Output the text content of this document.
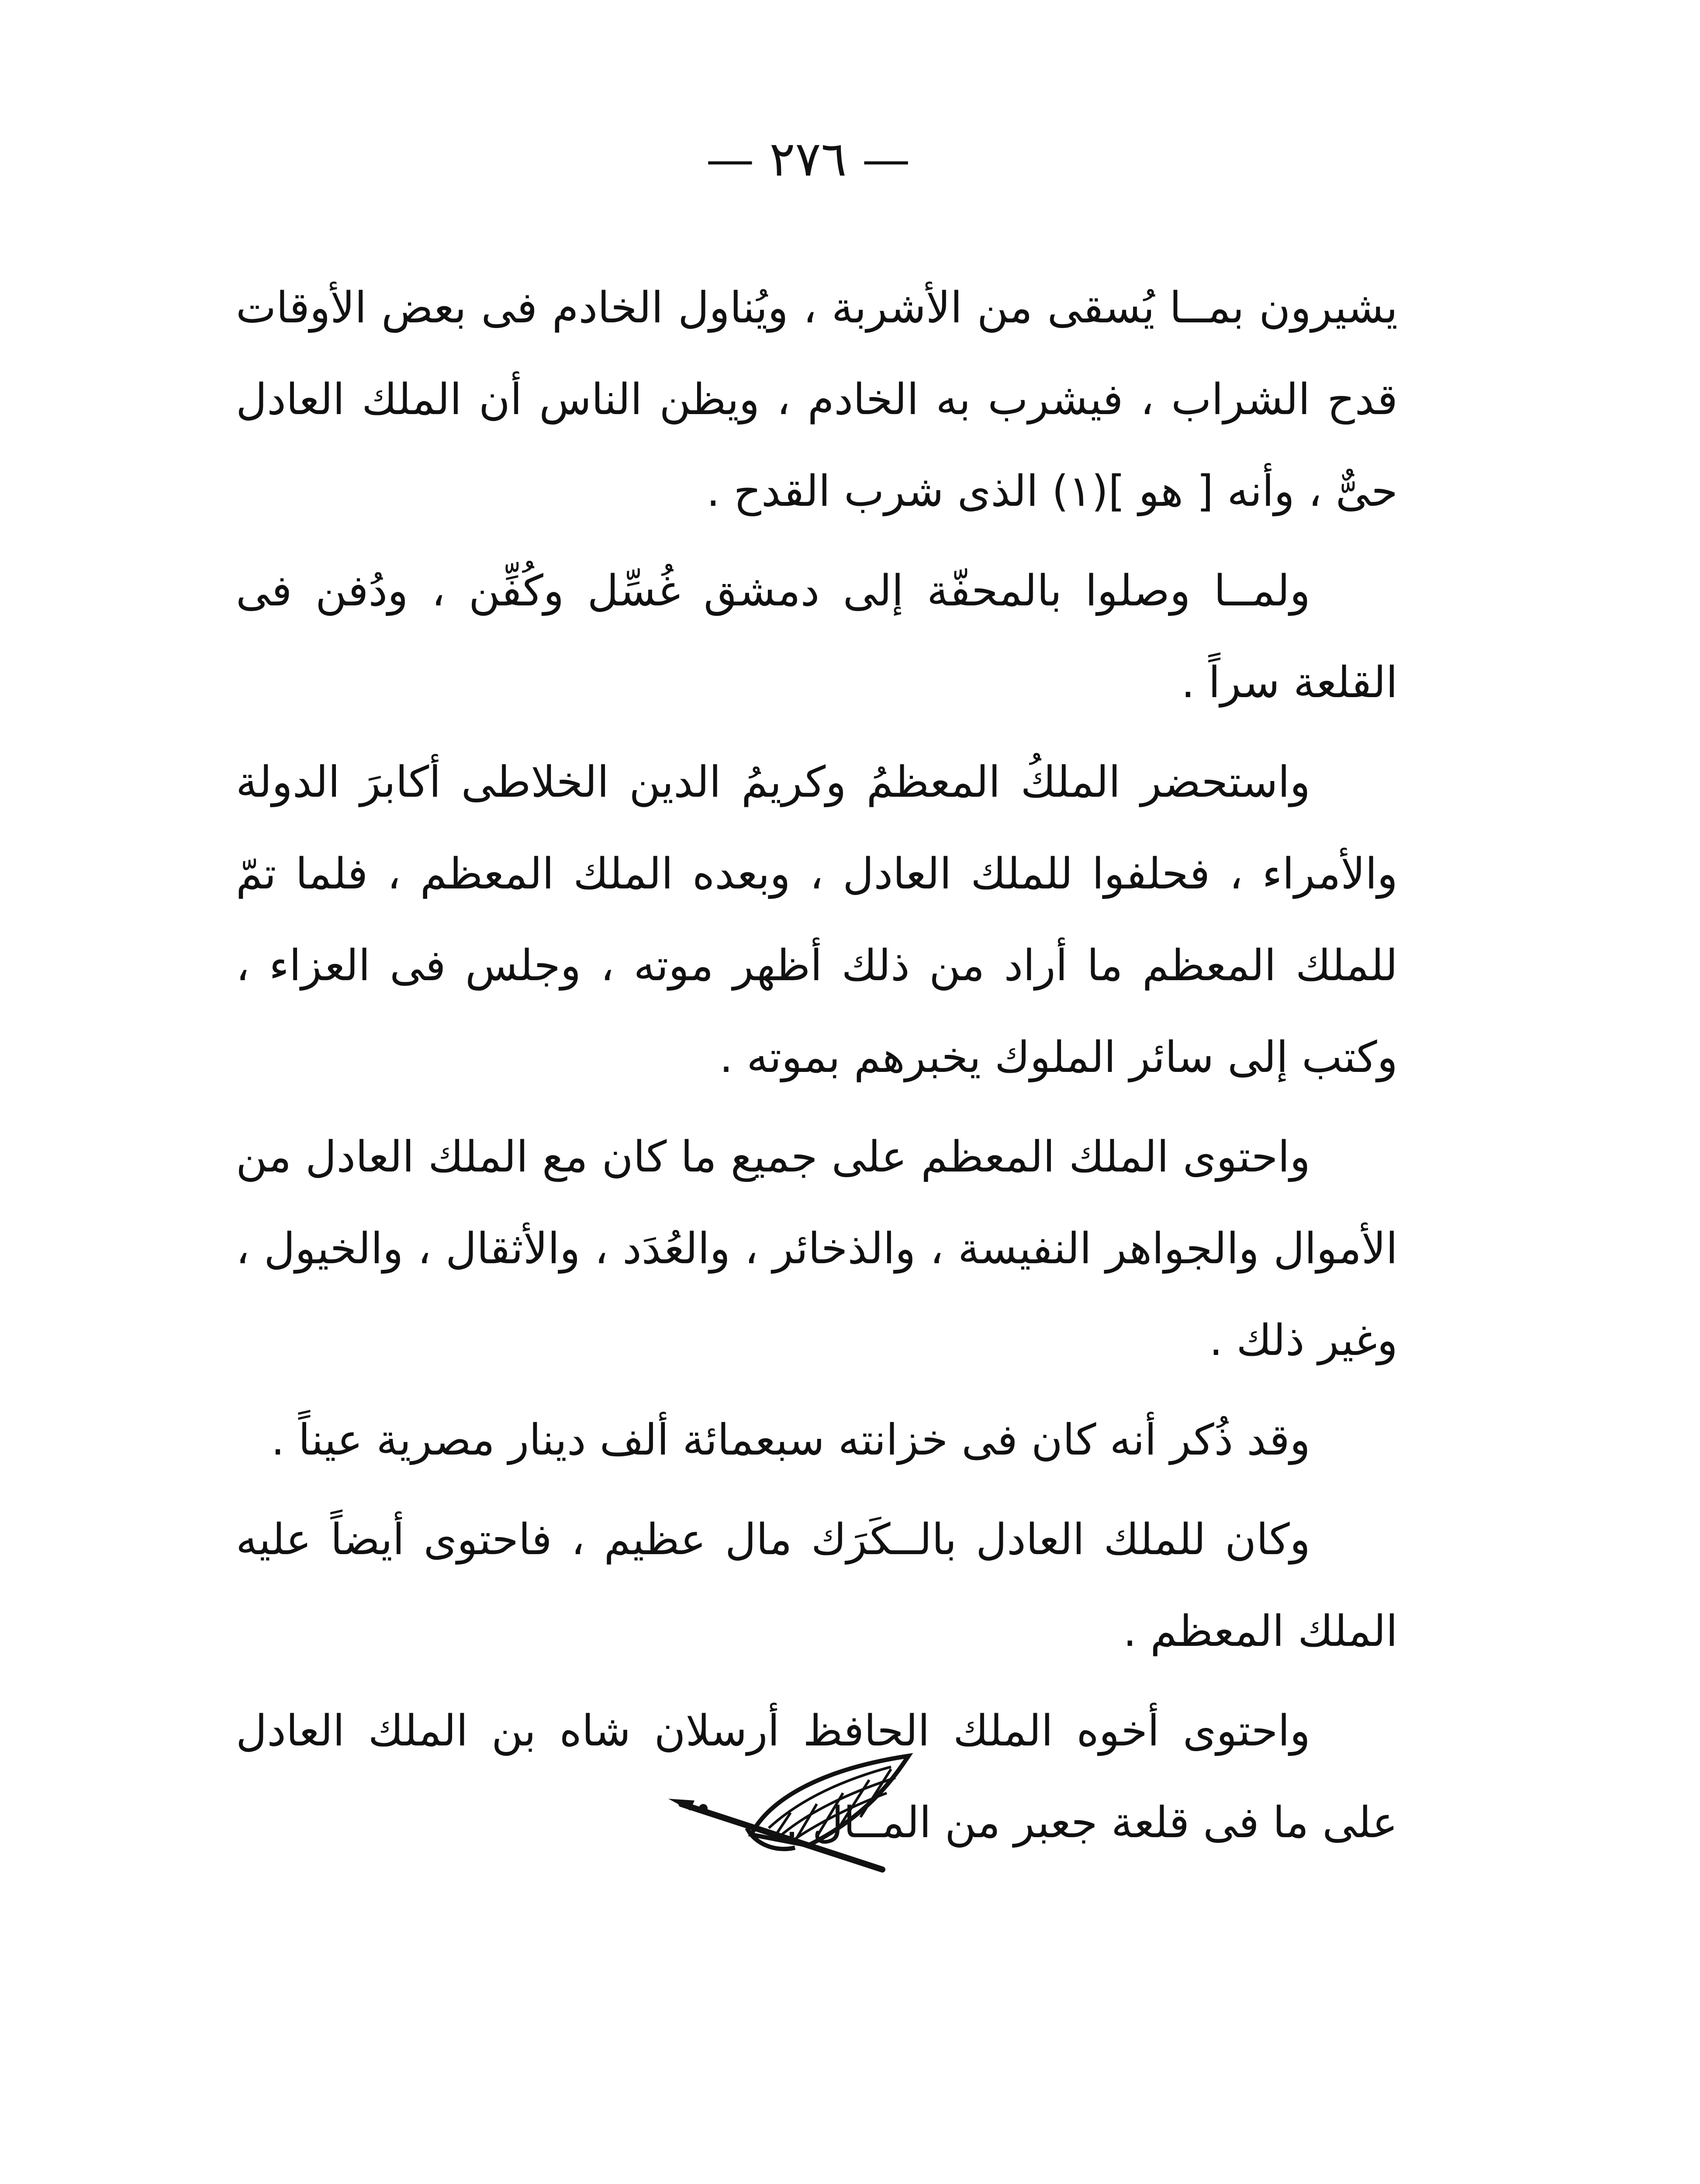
— ٢٧٦ —

يشيرون بمــا يُسقى من الأشربة ، ويُناول الخادم فى بعض الأوقات قدح الشراب ، فيشرب به الخادم ، ويظن الناس أن الملك العادل حىٌّ ، وأنه [ هو ](١) الذى شرب القدح .

ولمــا وصلوا بالمحفّة إلى دمشق غُسِّل وكُفِّن ، ودُفن فى القلعة سراً .

واستحضر الملكُ المعظمُ وكريمُ الدين الخلاطى أكابرَ الدولة والأمراء ، فحلفوا للملك العادل ، وبعده الملك المعظم ، فلما تمّ للملك المعظم ما أراد من ذلك أظهر موته ، وجلس فى العزاء ، وكتب إلى سائر الملوك يخبرهم بموته .

واحتوى الملك المعظم على جميع ما كان مع الملك العادل من الأموال والجواهر النفيسة ، والذخائر ، والعُدَد ، والأثقال ، والخيول ، وغير ذلك .

وقد ذُكر أنه كان فى خزانته سبعمائة ألف دينار مصرية عيناً .

وكان للملك العادل بالــكَرَك مال عظيم ، فاحتوى أيضاً عليه الملك المعظم .

واحتوى أخوه الملك الحافظ أرسلان شاه بن الملك العادل على ما فى قلعة جعبر من المــال .
